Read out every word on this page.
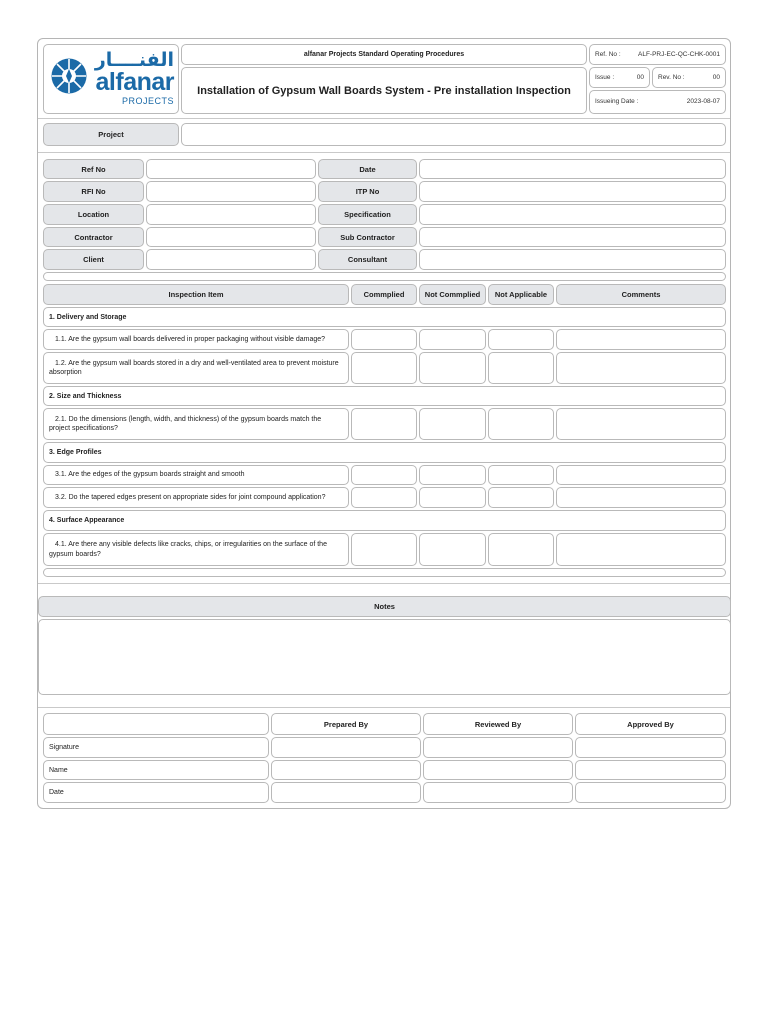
الفنــــار
alfanar
PROJECTS
alfanar Projects Standard Operating Procedures
Installation of Gypsum Wall Boards System - Pre installation Inspection
Ref. No :	ALF-PRJ-EC-QC-CHK-0001
Issue :	00 Rev. No :	00
Issueing Date :	2023-08-07
Project
Ref No	Date
RFI No	ITP No
Location	Specification
Contractor	Sub Contractor
Client	Consultant
Inspection Item	Commplied	Not Commplied	Not Applicable	Comments
1. Delivery and Storage
1.1. Are the gypsum wall boards delivered in proper packaging without visible damage?
1.2. Are the gypsum wall boards stored in a dry and well-ventilated area to prevent moisture absorption
2. Size and Thickness
2.1. Do the dimensions (length, width, and thickness) of the gypsum boards match the project specifications?
3. Edge Profiles
3.1. Are the edges of the gypsum boards straight and smooth
3.2. Do the tapered edges present on appropriate sides for joint compound application?
4. Surface Appearance
4.1. Are there any visible defects like cracks, chips, or irregularities on the surface of the gypsum boards?
Notes
Prepared By	Reviewed By	Approved By
Signature
Name
Date
